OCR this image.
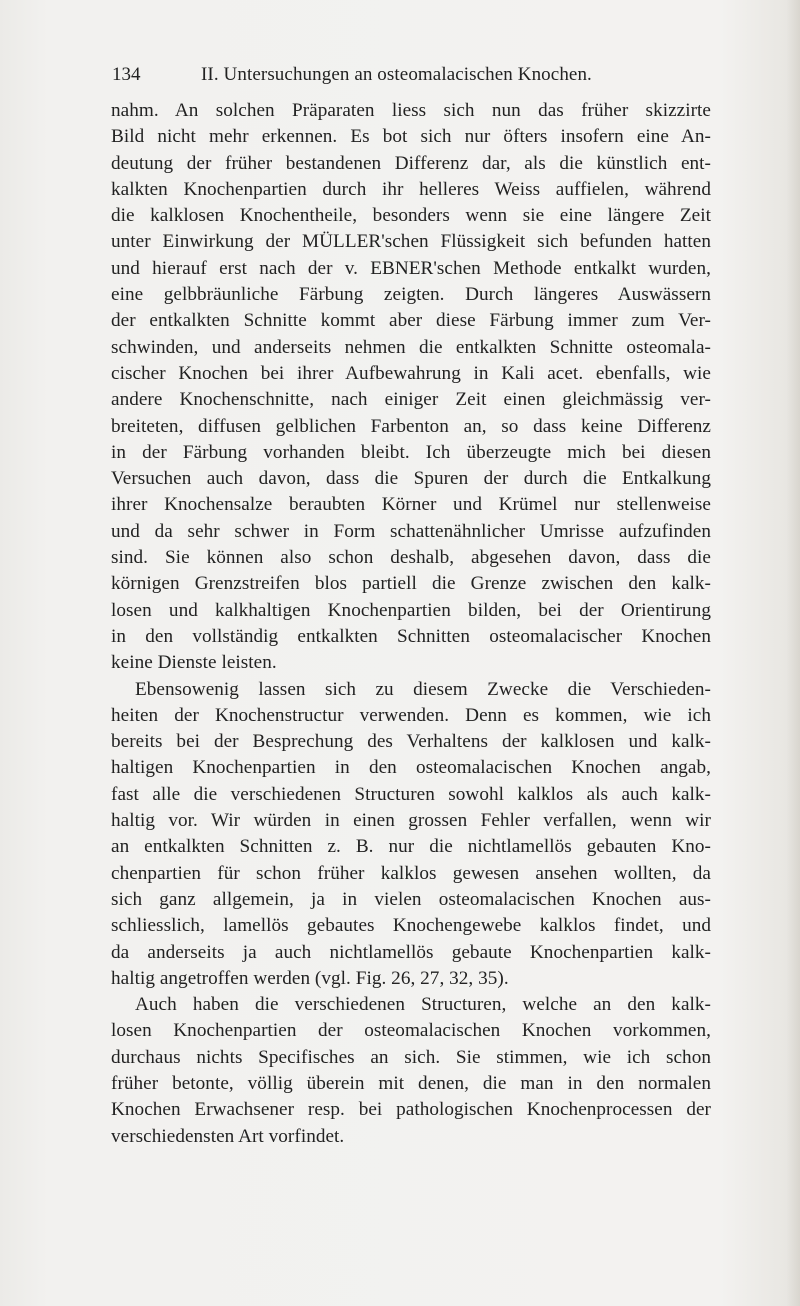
134	II. Untersuchungen an osteomalacischen Knochen.
nahm. An solchen Präparaten liess sich nun das früher skizzirte
Bild nicht mehr erkennen. Es bot sich nur öfters insofern eine An-
deutung der früher bestandenen Differenz dar, als die künstlich ent-
kalkten Knochenpartien durch ihr helleres Weiss auffielen, während
die kalklosen Knochentheile, besonders wenn sie eine längere Zeit
unter Einwirkung der MÜLLER'schen Flüssigkeit sich befunden hatten
und hierauf erst nach der v. EBNER'schen Methode entkalkt wurden,
eine gelbbräunliche Färbung zeigten. Durch längeres Auswässern
der entkalkten Schnitte kommt aber diese Färbung immer zum Ver-
schwinden, und anderseits nehmen die entkalkten Schnitte osteomala-
cischer Knochen bei ihrer Aufbewahrung in Kali acet. ebenfalls, wie
andere Knochenschnitte, nach einiger Zeit einen gleichmässig ver-
breiteten, diffusen gelblichen Farbenton an, so dass keine Differenz
in der Färbung vorhanden bleibt. Ich überzeugte mich bei diesen
Versuchen auch davon, dass die Spuren der durch die Entkalkung
ihrer Knochensalze beraubten Körner und Krümel nur stellenweise
und da sehr schwer in Form schattenähnlicher Umrisse aufzufinden
sind. Sie können also schon deshalb, abgesehen davon, dass die
körnigen Grenzstreifen blos partiell die Grenze zwischen den kalk-
losen und kalkhaltigen Knochenpartien bilden, bei der Orientirung
in den vollständig entkalkten Schnitten osteomalacischer Knochen
keine Dienste leisten.
Ebensowenig lassen sich zu diesem Zwecke die Verschieden-
heiten der Knochenstructur verwenden. Denn es kommen, wie ich
bereits bei der Besprechung des Verhaltens der kalklosen und kalk-
haltigen Knochenpartien in den osteomalacischen Knochen angab,
fast alle die verschiedenen Structuren sowohl kalklos als auch kalk-
haltig vor. Wir würden in einen grossen Fehler verfallen, wenn wir
an entkalkten Schnitten z. B. nur die nichtlamellös gebauten Kno-
chenpartien für schon früher kalklos gewesen ansehen wollten, da
sich ganz allgemein, ja in vielen osteomalacischen Knochen aus-
schliesslich, lamellös gebautes Knochengewebe kalklos findet, und
da anderseits ja auch nichtlamellös gebaute Knochenpartien kalk-
haltig angetroffen werden (vgl. Fig. 26, 27, 32, 35).
Auch haben die verschiedenen Structuren, welche an den kalk-
losen Knochenpartien der osteomalacischen Knochen vorkommen,
durchaus nichts Specifisches an sich. Sie stimmen, wie ich schon
früher betonte, völlig überein mit denen, die man in den normalen
Knochen Erwachsener resp. bei pathologischen Knochenprocessen der
verschiedensten Art vorfindet.
